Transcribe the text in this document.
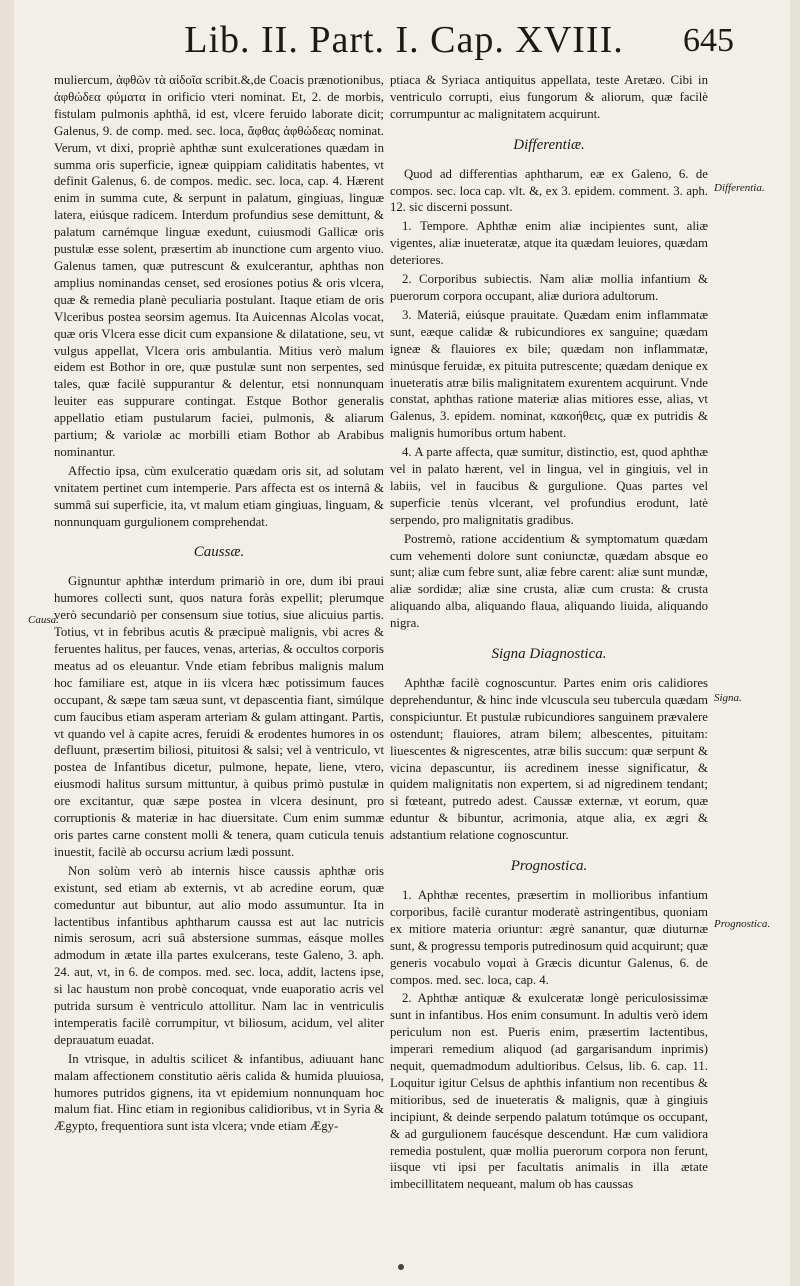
Lib. II. Part. I. Cap. XVIII.	645

muliercum, ἀφθῶν τὰ αἰδοῖα scribit.&,de Coacis prænotionibus, ἀφθώδεα φύματα in orificio vteri nominat. Et, 2. de morbis, fistulam pulmonis aphthâ, id est, vlcere feruido laborate dicit; Galenus, 9. de comp. med. sec. loca, ἄφθας ἀφθώδεας nominat. Verum, vt dixi, propriè aphthæ sunt exulcerationes quædam in summa oris superficie, igneæ quippiam caliditatis habentes, vt definit Galenus, 6. de compos. medic. sec. loca, cap. 4. Hærent enim in summa cute, & serpunt in palatum, gingiuas, linguæ latera, eiúsque radicem. Interdum profundius sese demittunt, & palatum carnémque linguæ exedunt, cuiusmodi Gallicæ oris pustulæ esse solent, præsertim ab inunctione cum argento viuo. Galenus tamen, quæ putrescunt & exulcerantur, aphthas non amplius nominandas censet, sed erosiones potius & oris vlcera, quæ & remedia planè peculiaria postulant. Itaque etiam de oris Vlceribus postea seorsim agemus. Ita Auicennas Alcolas vocat, quæ oris Vlcera esse dicit cum expansione & dilatatione, seu, vt vulgus appellat, Vlcera oris ambulantia. Mitius verò malum eidem est Bothor in ore, quæ pustulæ sunt non serpentes, sed tales, quæ facilè suppurantur & delentur, etsi nonnunquam leuiter eas suppurare contingat. Estque Bothor generalis appellatio etiam pustularum faciei, pulmonis, & aliarum partium; & variolæ ac morbilli etiam Bothor ab Arabibus nominantur.

Affectio ipsa, cùm exulceratio quædam oris sit, ad solutam vnitatem pertinet cum intemperie. Pars affecta est os internâ & summâ sui superficie, ita, vt malum etiam gingiuas, linguam, & nonnunquam gurgulionem comprehendat.

Caussæ.

Gignuntur aphthæ interdum primariò in ore, dum ibi praui humores collecti sunt, quos natura foràs expellit; plerumque verò secundariò per consensum siue totius, siue alicuius partis. Totius, vt in febribus acutis & præcipuè malignis, vbi acres & feruentes halitus, per fauces, venas, arterias, & occultos corporis meatus ad os eleuantur. Vnde etiam febribus malignis malum hoc familiare est, atque in iis vlcera hæc potissimum fauces occupant, & sæpe tam sæua sunt, vt depascentia fiant, simúlque cum faucibus etiam asperam arteriam & gulam attingant. Partis, vt quando vel à capite acres, feruidi & erodentes humores in os defluunt, præsertim biliosi, pituitosi & salsi; vel à ventriculo, vt postea de Infantibus dicetur, pulmone, hepate, liene, vtero, eiusmodi halitus sursum mittuntur, à quibus primò pustulæ in ore excitantur, quæ sæpe postea in vlcera desinunt, pro corruptionis & materiæ in hac diuersitate. Cum enim summæ oris partes carne constent molli & tenera, quam cuticula tenuis inuestit, facilè ab occursu acrium lædi possunt.

Non solùm verò ab internis hisce caussis aphthæ oris existunt, sed etiam ab externis, vt ab acredine eorum, quæ comeduntur aut bibuntur, aut alio modo assumuntur. Ita in lactentibus infantibus aphtharum caussa est aut lac nutricis nimis serosum, acri suâ abstersione summas, eásque molles admodum in ætate illa partes exulcerans, teste Galeno, 3. aph. 24. aut, vt, in 6. de compos. med. sec. loca, addit, lactens ipse, si lac haustum non probè concoquat, vnde euaporatio acris vel putrida sursum è ventriculo attollitur. Nam lac in ventriculis intemperatis facilè corrumpitur, vt biliosum, acidum, vel aliter deprauatum euadat.

In vtrisque, in adultis scilicet & infantibus, adiuuant hanc malam affectionem constitutio aëris calida & humida pluuiosa, humores putridos gignens, ita vt epidemium nonnunquam hoc malum fiat. Hinc etiam in regionibus calidioribus, vt in Syria & Ægypto, frequentiora sunt ista vlcera; vnde etiam Ægy-

ptiaca & Syriaca antiquitus appellata, teste Aretæo. Cibi in ventriculo corrupti, eius fungorum & aliorum, quæ facilè corrumpuntur ac malignitatem acquirunt.

Differentiæ.

Quod ad differentias aphtharum, eæ ex Galeno, 6. de compos. sec. loca cap. vlt. &, ex 3. epidem. comment. 3. aph. 12. sic discerni possunt.

1. Tempore. Aphthæ enim aliæ incipientes sunt, aliæ vigentes, aliæ inueteratæ, atque ita quædam leuiores, quædam deteriores.

2. Corporibus subiectis. Nam aliæ mollia infantium & puerorum corpora occupant, aliæ duriora adultorum.

3. Materiâ, eiúsque prauitate. Quædam enim inflammatæ sunt, eæque calidæ & rubicundiores ex sanguine; quædam igneæ & flauiores ex bile; quædam non inflammatæ, minúsque feruidæ, ex pituita putrescente; quædam denique ex inueteratis atræ bilis malignitatem exurentem acquirunt. Vnde constat, aphthas ratione materiæ alias mitiores esse, alias, vt Galenus, 3. epidem. nominat, κακοήθεις, quæ ex putridis & malignis humoribus ortum habent.

4. A parte affecta, quæ sumitur, distinctio, est, quod aphthæ vel in palato hærent, vel in lingua, vel in gingiuis, vel in labiis, vel in faucibus & gurgulione. Quas partes vel superficie tenùs vlcerant, vel profundius erodunt, latè serpendo, pro malignitatis gradibus.

Postremò, ratione accidentium & symptomatum quædam cum vehementi dolore sunt coniunctæ, quædam absque eo sunt; aliæ cum febre sunt, aliæ febre carent: aliæ sunt mundæ, aliæ sordidæ; aliæ sine crusta, aliæ cum crusta: & crusta aliquando alba, aliquando flaua, aliquando liuida, aliquando nigra.

Signa Diagnostica.

Aphthæ facilè cognoscuntur. Partes enim oris calidiores deprehenduntur, & hinc inde vlcuscula seu tubercula quædam conspiciuntur. Et pustulæ rubicundiores sanguinem prævalere ostendunt; flauiores, atram bilem; albescentes, pituitam: liuescentes & nigrescentes, atræ bilis succum: quæ serpunt & vicina depascuntur, iis acredinem inesse significatur, & quidem malignitatis non expertem, si ad nigredinem tendant; si fœteant, putredo adest. Caussæ externæ, vt eorum, quæ eduntur & bibuntur, acrimonia, atque alia, ex ægri & adstantium relatione cognoscuntur.

Prognostica.

1. Aphthæ recentes, præsertim in mollioribus infantium corporibus, facilè curantur moderatè astringentibus, quoniam ex mitiore materia oriuntur: ægrè sanantur, quæ diuturnæ sunt, & progressu temporis putredinosum quid acquirunt; quæ generis vocabulo νομαὶ à Græcis dicuntur Galenus, 6. de compos. med. sec. loca, cap. 4.

2. Aphthæ antiquæ & exulceratæ longè periculosissimæ sunt in infantibus. Hos enim consumunt. In adultis verò idem periculum non est. Pueris enim, præsertim lactentibus, imperari remedium aliquod (ad gargarisandum inprimis) nequit, quemadmodum adultioribus. Celsus, lib. 6. cap. 11. Loquitur igitur Celsus de aphthis infantium non recentibus & mitioribus, sed de inueteratis & malignis, quæ à gingiuis incipiunt, & deinde serpendo palatum totúmque os occupant, & ad gurgulionem faucésque descendunt. Hæ cum validiora remedia postulent, quæ mollia puerorum corpora non ferunt, iisque vti ipsi per facultatis animalis in illa ætate imbecillitatem nequeant, malum ob has caussas

Causa.
Differentia.
Signa.
Prognostica.
